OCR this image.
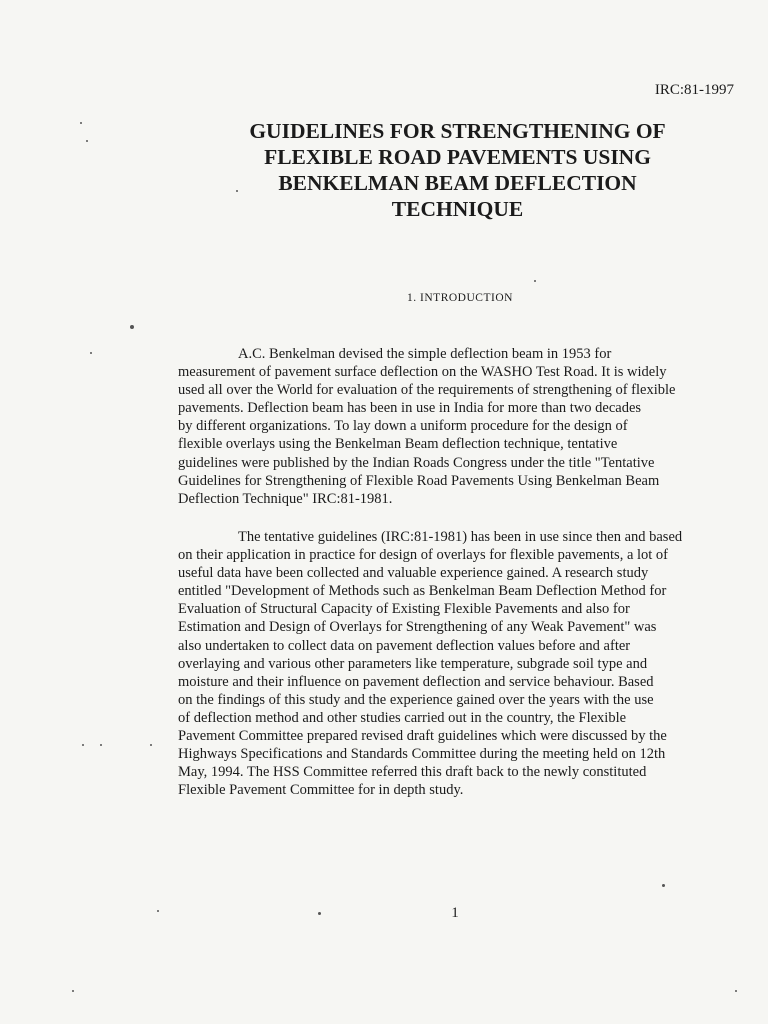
IRC:81-1997
GUIDELINES FOR STRENGTHENING OF
FLEXIBLE ROAD PAVEMENTS USING
BENKELMAN BEAM DEFLECTION
TECHNIQUE
1. INTRODUCTION

A.C. Benkelman devised the simple deflection beam in 1953 for
measurement of pavement surface deflection on the WASHO Test Road. It is widely
used all over the World for evaluation of the requirements of strengthening of flexible
pavements. Deflection beam has been in use in India for more than two decades
by different organizations. To lay down a uniform procedure for the design of
flexible overlays using the Benkelman Beam deflection technique, tentative
guidelines were published by the Indian Roads Congress under the title "Tentative
Guidelines for Strengthening of Flexible Road Pavements Using Benkelman Beam
Deflection Technique" IRC:81-1981.

The tentative guidelines (IRC:81-1981) has been in use since then and based
on their application in practice for design of overlays for flexible pavements, a lot of
useful data have been collected and valuable experience gained. A research study
entitled "Development of Methods such as Benkelman Beam Deflection Method for
Evaluation of Structural Capacity of Existing Flexible Pavements and also for
Estimation and Design of Overlays for Strengthening of any Weak Pavement" was
also undertaken to collect data on pavement deflection values before and after
overlaying and various other parameters like temperature, subgrade soil type and
moisture and their influence on pavement deflection and service behaviour. Based
on the findings of this study and the experience gained over the years with the use
of deflection method and other studies carried out in the country, the Flexible
Pavement Committee prepared revised draft guidelines which were discussed by the
Highways Specifications and Standards Committee during the meeting held on 12th
May, 1994. The HSS Committee referred this draft back to the newly constituted
Flexible Pavement Committee for in depth study.

1
